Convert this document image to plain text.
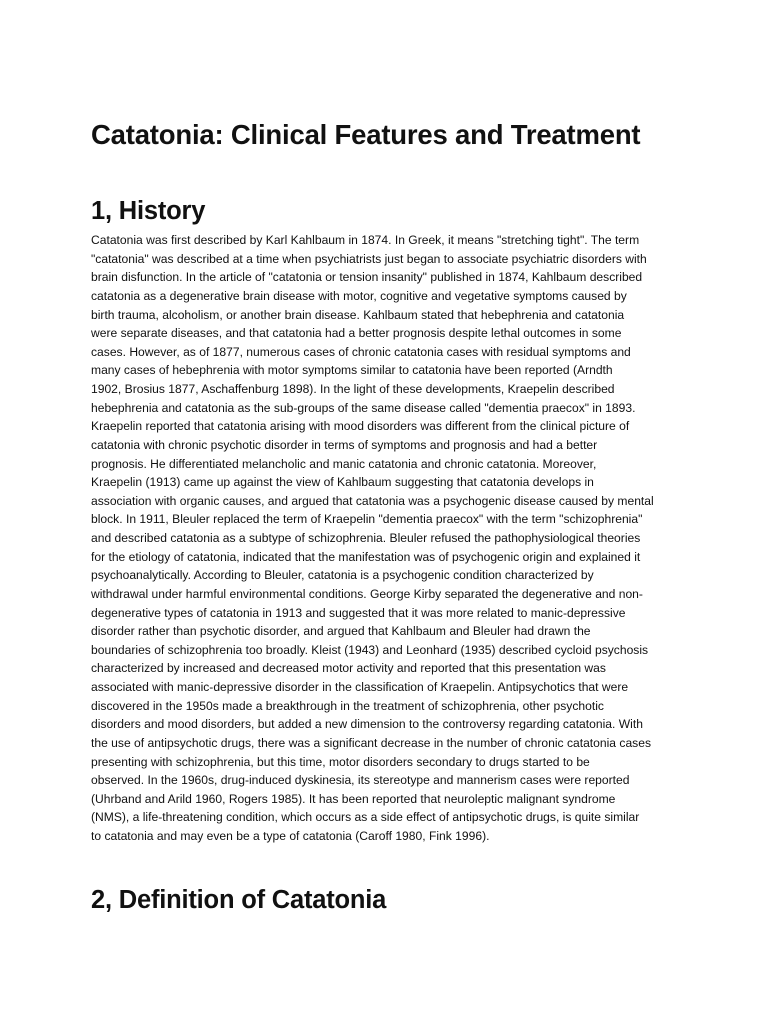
Catatonia: Clinical Features and Treatment
1, History
Catatonia was first described by Karl Kahlbaum in 1874. In Greek, it means "stretching tight". The term
"catatonia" was described at a time when psychiatrists just began to associate psychiatric disorders with
brain disfunction. In the article of "catatonia or tension insanity" published in 1874, Kahlbaum described
catatonia as a degenerative brain disease with motor, cognitive and vegetative symptoms caused by
birth trauma, alcoholism, or another brain disease. Kahlbaum stated that hebephrenia and catatonia
were separate diseases, and that catatonia had a better prognosis despite lethal outcomes in some
cases. However, as of 1877, numerous cases of chronic catatonia cases with residual symptoms and
many cases of hebephrenia with motor symptoms similar to catatonia have been reported (Arndth
1902, Brosius 1877, Aschaffenburg 1898). In the light of these developments, Kraepelin described
hebephrenia and catatonia as the sub-groups of the same disease called "dementia praecox" in 1893.
Kraepelin reported that catatonia arising with mood disorders was different from the clinical picture of
catatonia with chronic psychotic disorder in terms of symptoms and prognosis and had a better
prognosis. He differentiated melancholic and manic catatonia and chronic catatonia. Moreover,
Kraepelin (1913) came up against the view of Kahlbaum suggesting that catatonia develops in
association with organic causes, and argued that catatonia was a psychogenic disease caused by mental
block. In 1911, Bleuler replaced the term of Kraepelin "dementia praecox" with the term "schizophrenia"
and described catatonia as a subtype of schizophrenia. Bleuler refused the pathophysiological theories
for the etiology of catatonia, indicated that the manifestation was of psychogenic origin and explained it
psychoanalytically. According to Bleuler, catatonia is a psychogenic condition characterized by
withdrawal under harmful environmental conditions. George Kirby separated the degenerative and non-
degenerative types of catatonia in 1913 and suggested that it was more related to manic-depressive
disorder rather than psychotic disorder, and argued that Kahlbaum and Bleuler had drawn the
boundaries of schizophrenia too broadly. Kleist (1943) and Leonhard (1935) described cycloid psychosis
characterized by increased and decreased motor activity and reported that this presentation was
associated with manic-depressive disorder in the classification of Kraepelin. Antipsychotics that were
discovered in the 1950s made a breakthrough in the treatment of schizophrenia, other psychotic
disorders and mood disorders, but added a new dimension to the controversy regarding catatonia. With
the use of antipsychotic drugs, there was a significant decrease in the number of chronic catatonia cases
presenting with schizophrenia, but this time, motor disorders secondary to drugs started to be
observed. In the 1960s, drug-induced dyskinesia, its stereotype and mannerism cases were reported
(Uhrband and Arild 1960, Rogers 1985). It has been reported that neuroleptic malignant syndrome
(NMS), a life-threatening condition, which occurs as a side effect of antipsychotic drugs, is quite similar
to catatonia and may even be a type of catatonia (Caroff 1980, Fink 1996).
2, Definition of Catatonia
